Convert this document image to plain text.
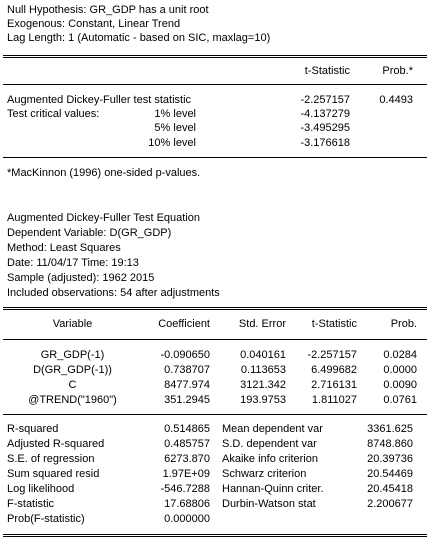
Null Hypothesis: GR_GDP has a unit root
Exogenous: Constant, Linear Trend
Lag Length: 1 (Automatic - based on SIC, maxlag=10)
t-Statistic	Prob.*
Augmented Dickey-Fuller test statistic	-2.257157	0.4493
Test critical values:	1% level	-4.137279
5% level	-3.495295
10% level	-3.176618
*MacKinnon (1996) one-sided p-values.
Augmented Dickey-Fuller Test Equation
Dependent Variable: D(GR_GDP)
Method: Least Squares
Date: 11/04/17 Time: 19:13
Sample (adjusted): 1962 2015
Included observations: 54 after adjustments
Variable	Coefficient	Std. Error	t-Statistic	Prob.
GR_GDP(-1)	-0.090650	0.040161	-2.257157	0.0284
D(GR_GDP(-1))	0.738707	0.113653	6.499682	0.0000
C	8477.974	3121.342	2.716131	0.0090
@TREND("1960")	351.2945	193.9753	1.811027	0.0761
R-squared	0.514865 Mean dependent var	3361.625
Adjusted R-squared	0.485757 S.D. dependent var	8748.860
S.E. of regression	6273.870 Akaike info criterion	20.39736
Sum squared resid	1.97E+09 Schwarz criterion	20.54469
Log likelihood	-546.7288 Hannan-Quinn criter.	20.45418
F-statistic	17.68806 Durbin-Watson stat	2.200677
Prob(F-statistic)	0.000000
